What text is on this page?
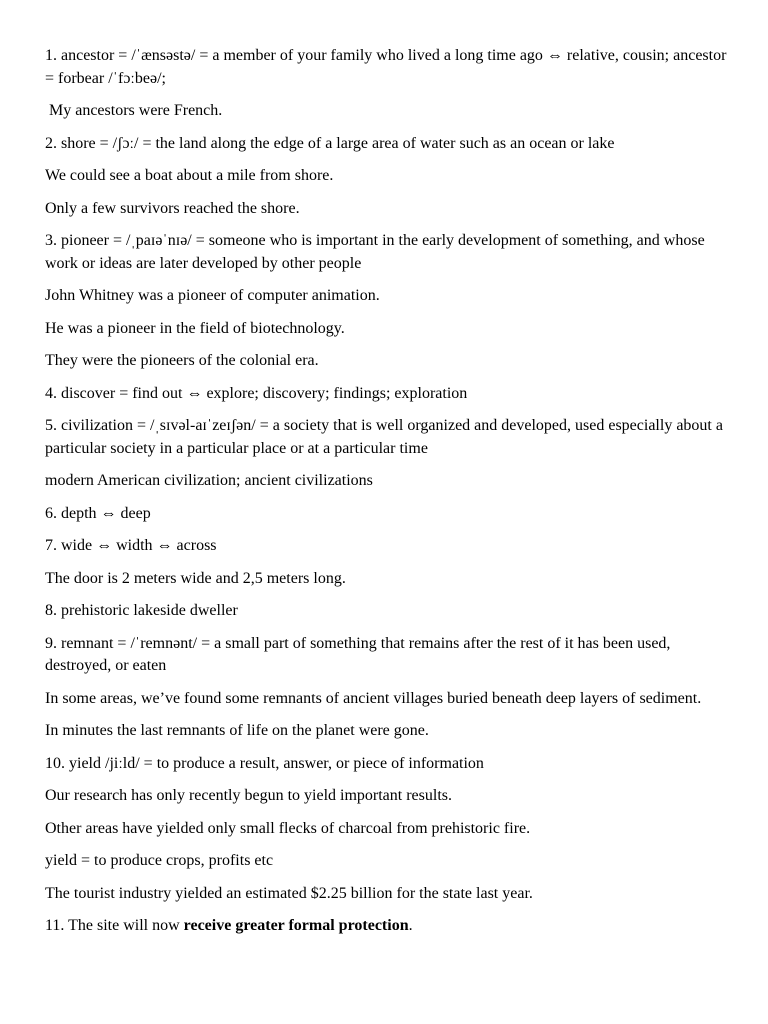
1. ancestor = /ˈænsəstə/ = a member of your family who lived a long time ago ⇔ relative, cousin; ancestor = forbear /ˈfɔːbeə/;

My ancestors were French.

2. shore = /ʃɔː/ = the land along the edge of a large area of water such as an ocean or lake

We could see a boat about a mile from shore.

Only a few survivors reached the shore.

3. pioneer = /ˌpaɪəˈnɪə/ = someone who is important in the early development of something, and whose work or ideas are later developed by other people

John Whitney was a pioneer of computer animation.

He was a pioneer in the field of biotechnology.

They were the pioneers of the colonial era.

4. discover = find out ⇔ explore; discovery; findings; exploration

5. civilization = /ˌsɪvəl-aɪˈzeɪʃən/ = a society that is well organized and developed, used especially about a particular society in a particular place or at a particular time

modern American civilization; ancient civilizations

6. depth ⇔ deep

7. wide ⇔ width ⇔ across

The door is 2 meters wide and 2,5 meters long.

8. prehistoric lakeside dweller

9. remnant = /ˈremnənt/ = a small part of something that remains after the rest of it has been used, destroyed, or eaten

In some areas, we’ve found some remnants of ancient villages buried beneath deep layers of sediment.

In minutes the last remnants of life on the planet were gone.

10. yield /jiːld/ = to produce a result, answer, or piece of information

Our research has only recently begun to yield important results.

Other areas have yielded only small flecks of charcoal from prehistoric fire.

yield = to produce crops, profits etc

The tourist industry yielded an estimated $2.25 billion for the state last year.

11. The site will now receive greater formal protection.
